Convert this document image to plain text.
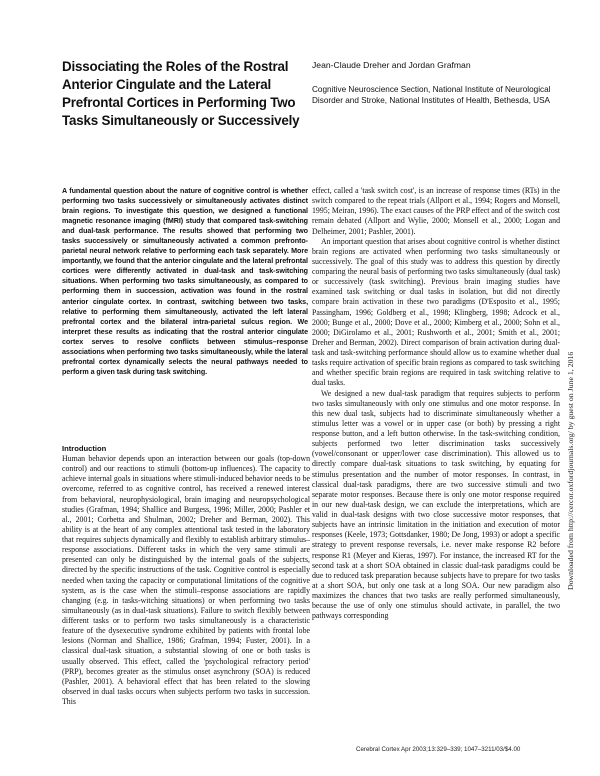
Dissociating the Roles of the Rostral Anterior Cingulate and the Lateral Prefrontal Cortices in Performing Two Tasks Simultaneously or Successively
Jean-Claude Dreher and Jordan Grafman
Cognitive Neuroscience Section, National Institute of Neurological Disorder and Stroke, National Institutes of Health, Bethesda, USA
A fundamental question about the nature of cognitive control is whether performing two tasks successively or simultaneously activates distinct brain regions. To investigate this question, we designed a functional magnetic resonance imaging (fMRI) study that compared task-switching and dual-task performance. The results showed that performing two tasks successively or simultaneously activated a common prefronto-parietal neural network relative to performing each task separately. More importantly, we found that the anterior cingulate and the lateral prefrontal cortices were differently activated in dual-task and task-switching situations. When performing two tasks simultaneously, as compared to performing them in succession, activation was found in the rostral anterior cingulate cortex. In contrast, switching between two tasks, relative to performing them simultaneously, activated the left lateral prefrontal cortex and the bilateral intra-parietal sulcus region. We interpret these results as indicating that the rostral anterior cingulate cortex serves to resolve conflicts between stimulus–response associations when performing two tasks simultaneously, while the lateral prefrontal cortex dynamically selects the neural pathways needed to perform a given task during task switching.
Introduction

Human behavior depends upon an interaction between our goals (top-down control) and our reactions to stimuli (bottom-up influences). The capacity to achieve internal goals in situations where stimuli-induced behavior needs to be overcome, referred to as cognitive control, has received a renewed interest from behavioral, neurophysiological, brain imaging and neuropsychological studies (Grafman, 1994; Shallice and Burgess, 1996; Miller, 2000; Pashler et al., 2001; Corbetta and Shulman, 2002; Dreher and Berman, 2002). This ability is at the heart of any complex attentional task tested in the laboratory that requires subjects dynamically and flexibly to establish arbitrary stimulus–response associations. Different tasks in which the very same stimuli are presented can only be distinguished by the internal goals of the subjects, directed by the specific instructions of the task. Cognitive control is especially needed when taxing the capacity or computational limitations of the cognitive system, as is the case when the stimuli–response associations are rapidly changing (e.g. in tasks-witching situations) or when performing two tasks simultaneously (as in dual-task situations). Failure to switch flexibly between different tasks or to perform two tasks simultaneously is a characteristic feature of the dysexecutive syndrome exhibited by patients with frontal lobe lesions (Norman and Shallice, 1986; Grafman, 1994; Fuster, 2001). In a classical dual-task situation, a substantial slowing of one or both tasks is usually observed. This effect, called the 'psychological refractory period' (PRP), becomes greater as the stimulus onset asynchrony (SOA) is reduced (Pashler, 2001). A behavioral effect that has been related to the slowing observed in dual tasks occurs when subjects perform two tasks in succession. This

effect, called a 'task switch cost', is an increase of response times (RTs) in the switch compared to the repeat trials (Allport et al., 1994; Rogers and Monsell, 1995; Meiran, 1996). The exact causes of the PRP effect and of the switch cost remain debated (Allport and Wylie, 2000; Monsell et al., 2000; Logan and Delheimer, 2001; Pashler, 2001).

An important question that arises about cognitive control is whether distinct brain regions are activated when performing two tasks simultaneously or successively. The goal of this study was to address this question by directly comparing the neural basis of performing two tasks simultaneously (dual task) or successively (task switching). Previous brain imaging studies have examined task switching or dual tasks in isolation, but did not directly compare brain activation in these two paradigms (D'Esposito et al., 1995; Passingham, 1996; Goldberg et al., 1998; Klingberg, 1998; Adcock et al., 2000; Bunge et al., 2000; Dove et al., 2000; Kimberg et al., 2000; Sohn et al., 2000; DiGirolamo et al., 2001; Rushworth et al., 2001; Smith et al., 2001; Dreher and Berman, 2002). Direct comparison of brain activation during dual-task and task-switching performance should allow us to examine whether dual tasks require activation of specific brain regions as compared to task switching and whether specific brain regions are required in task switching relative to dual tasks.

We designed a new dual-task paradigm that requires subjects to perform two tasks simultaneously with only one stimulus and one motor response. In this new dual task, subjects had to discriminate simultaneously whether a stimulus letter was a vowel or in upper case (or both) by pressing a right response button, and a left button otherwise. In the task-switching condition, subjects performed two letter discrimination tasks successively (vowel/consonant or upper/lower case discrimination). This allowed us to directly compare dual-task situations to task switching, by equating for stimulus presentation and the number of motor responses. In contrast, in classical dual-task paradigms, there are two successive stimuli and two separate motor responses. Because there is only one motor response required in our new dual-task design, we can exclude the interpretations, which are valid in dual-task designs with two close successive motor responses, that subjects have an intrinsic limitation in the initiation and execution of motor responses (Keele, 1973; Gottsdanker, 1980; De Jong, 1993) or adopt a specific strategy to prevent response reversals, i.e. never make response R2 before response R1 (Meyer and Kieras, 1997). For instance, the increased RT for the second task at a short SOA obtained in classic dual-task paradigms could be due to reduced task preparation because subjects have to prepare for two tasks at a short SOA, but only one task at a long SOA. Our new paradigm also maximizes the chances that two tasks are really performed simultaneously, because the use of only one stimulus should activate, in parallel, the two pathways corresponding

Downloaded from http://cercor.oxfordjournals.org/ by guest on June 1, 2016
Cerebral Cortex Apr 2003;13:329–339; 1047–3211/03/$4.00
